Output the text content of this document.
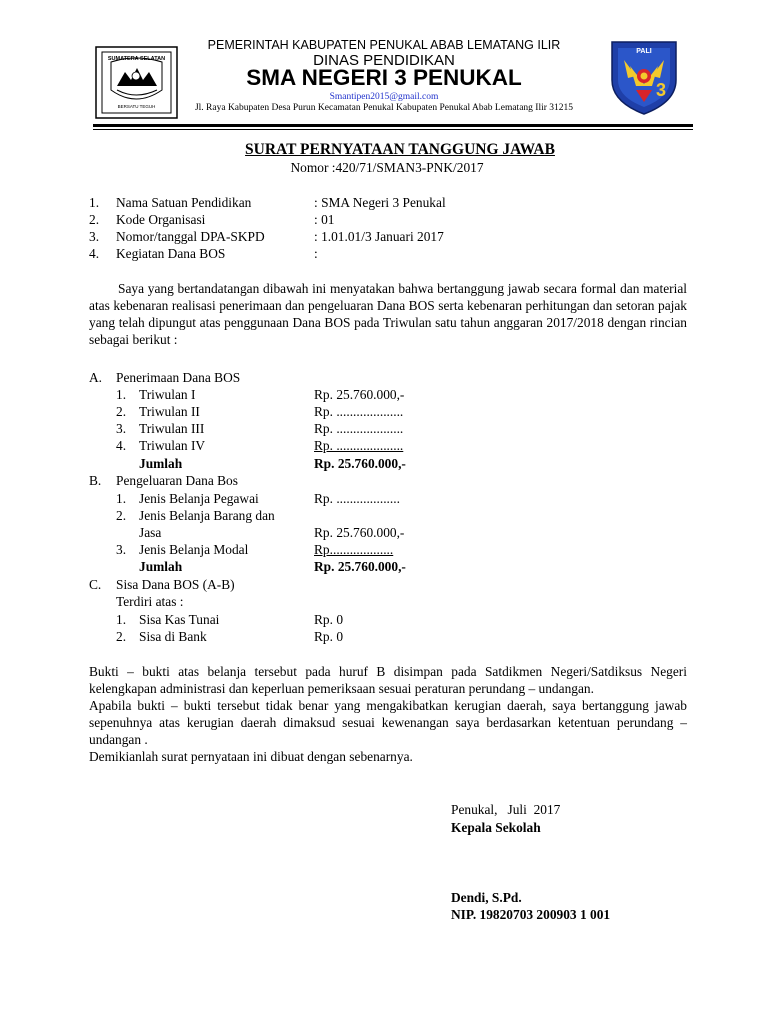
SUMATERA SELATAN
BERSATU TEGUH
PALI
3
PEMERINTAH KABUPATEN PENUKAL ABAB LEMATANG ILIR
DINAS PENDIDIKAN
SMA NEGERI 3 PENUKAL
Smantipen2015@gmail.com
Jl. Raya Kabupaten Desa Purun Kecamatan Penukal Kabupaten Penukal Abab Lematang Ilir 31215
SURAT PERNYATAAN TANGGUNG JAWAB
Nomor :420/71/SMAN3-PNK/2017
1. Nama Satuan Pendidikan	: SMA Negeri 3 Penukal
2. Kode Organisasi	: 01
3. Nomor/tanggal DPA-SKPD	: 1.01.01/3 Januari 2017
4. Kegiatan Dana BOS	:
Saya yang bertandatangan dibawah ini menyatakan bahwa bertanggung jawab secara formal dan material atas kebenaran realisasi penerimaan dan pengeluaran Dana BOS serta kebenaran perhitungan dan setoran pajak yang telah dipungut atas penggunaan Dana BOS pada Triwulan satu tahun anggaran 2017/2018 dengan rincian sebagai berikut :
A. Penerimaan Dana BOS
1. Triwulan I	Rp. 25.760.000,-
2. Triwulan II	Rp. ....................
3. Triwulan III	Rp. ....................
4. Triwulan IV	Rp. ....................
Jumlah	Rp. 25.760.000,-
B. Pengeluaran Dana Bos
1. Jenis Belanja Pegawai	Rp. ...................
2. Jenis Belanja Barang dan
Jasa	Rp. 25.760.000,-
3. Jenis Belanja Modal	Rp...................
Jumlah	Rp. 25.760.000,-
C. Sisa Dana BOS (A-B)
Terdiri atas :
1. Sisa Kas Tunai	Rp. 0
2. Sisa di Bank	Rp. 0
Bukti – bukti atas belanja tersebut pada huruf B disimpan pada Satdikmen Negeri/Satdiksus Negeri kelengkapan administrasi dan keperluan pemeriksaan sesuai peraturan perundang – undangan.
Apabila bukti – bukti tersebut tidak benar yang mengakibatkan kerugian daerah, saya bertanggung jawab sepenuhnya atas kerugian daerah dimaksud sesuai kewenangan saya berdasarkan ketentuan perundang – undangan .
Demikianlah surat pernyataan ini dibuat dengan sebenarnya.
Penukal,   Juli  2017
Kepala Sekolah
Dendi, S.Pd.
NIP. 19820703 200903 1 001
